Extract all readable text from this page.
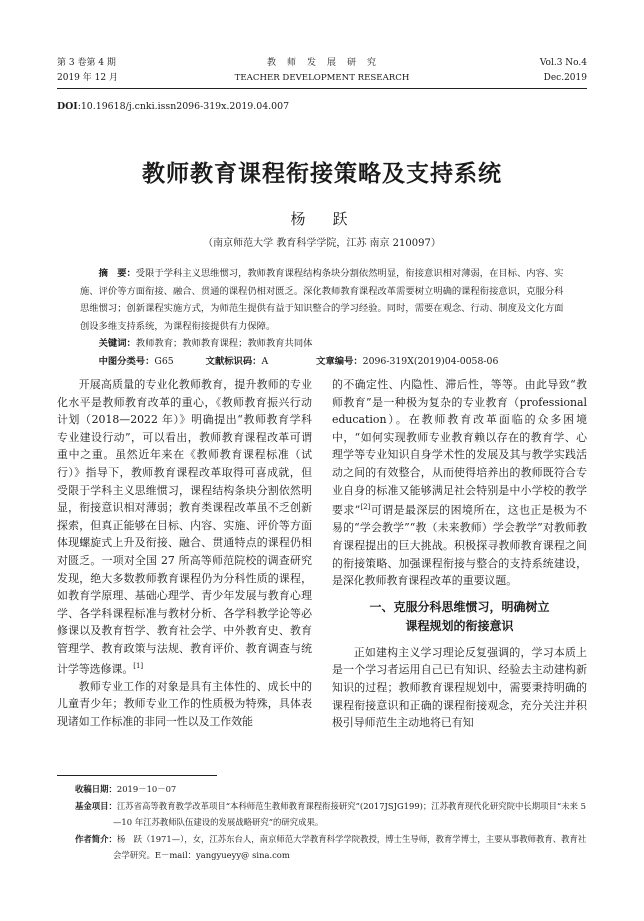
第 3 卷第 4 期
2019 年 12 月
教　师　发　展　研　究
TEACHER DEVELOPMENT RESEARCH
Vol.3 No.4
Dec.2019
DOI:10.19618/j.cnki.issn2096-319x.2019.04.007
教师教育课程衔接策略及支持系统
杨　跃
（南京师范大学 教育科学学院，江苏 南京 210097）
摘　要：受限于学科主义思维惯习，教师教育课程结构条块分割依然明显，衔接意识相对薄弱，在目标、内容、实施、评价等方面衔接、融合、贯通的课程仍相对匮乏。深化教师教育课程改革需要树立明确的课程衔接意识，克服分科思维惯习；创新课程实施方式，为师范生提供有益于知识整合的学习经验。同时，需要在观念、行动、制度及文化方面创设多维支持系统，为课程衔接提供有力保障。
关键词：教师教育；教师教育课程；教师教育共同体
中图分类号：G65	文献标识码：A	文章编号：2096-319X(2019)04-0058-06

开展高质量的专业化教师教育，提升教师的专业化水平是教师教育改革的重心，《教师教育振兴行动计划（2018—2022 年）》明确提出“教师教育学科专业建设行动”，可以看出，教师教育课程改革可谓重中之重。虽然近年来在《教师教育课程标准（试行）》指导下，教师教育课程改革取得可喜成就，但受限于学科主义思维惯习，课程结构条块分割依然明显，衔接意识相对薄弱；教育类课程改革虽不乏创新探索，但真正能够在目标、内容、实施、评价等方面体现螺旋式上升及衔接、融合、贯通特点的课程仍相对匮乏。一项对全国 27 所高等师范院校的调查研究发现，绝大多数教师教育课程仍为分科性质的课程，如教育学原理、基础心理学、青少年发展与教育心理学、各学科课程标准与教材分析、各学科教学论等必修课以及教育哲学、教育社会学、中外教育史、教育管理学、教育政策与法规、教育评价、教育调查与统计学等选修课。[1]

教师专业工作的对象是具有主体性的、成长中的儿童青少年；教师专业工作的性质极为特殊，具体表现诸如工作标准的非同一性以及工作效能

的不确定性、内隐性、滞后性，等等。由此导致“教师教育”是一种极为复杂的专业教育（professional education）。在教师教育改革面临的众多困境中，“如何实现教师专业教育赖以存在的教育学、心理学等专业知识自身学术性的发展及其与教学实践活动之间的有效整合，从而使得培养出的教师既符合专业自身的标准又能够满足社会特别是中小学校的教学要求”[2]可谓是最深层的困境所在，这也正是极为不易的“学会教学”“教（未来教师）学会教学”对教师教育课程提出的巨大挑战。积极探寻教师教育课程之间的衔接策略、加强课程衔接与整合的支持系统建设，是深化教师教育课程改革的重要议题。

一、克服分科思维惯习，明确树立
课程规划的衔接意识

正如建构主义学习理论反复强调的，学习本质上是一个学习者运用自己已有知识、经验去主动建构新知识的过程；教师教育课程规划中，需要秉持明确的课程衔接意识和正确的课程衔接观念，充分关注并积极引导师范生主动地将已有知

收稿日期：2019－10－07
基金项目：江苏省高等教育教学改革项目“本科师范生教师教育课程衔接研究”(2017JSJG199)；江苏教育现代化研究院中长期项目“未来 5—10 年江苏教师队伍建设的发展战略研究”的研究成果。
作者简介：杨　跃（1971—），女，江苏东台人，南京师范大学教育科学学院教授，博士生导师，教育学博士，主要从事教师教育、教育社会学研究。E－mail：yangyueyy@ sina.com
